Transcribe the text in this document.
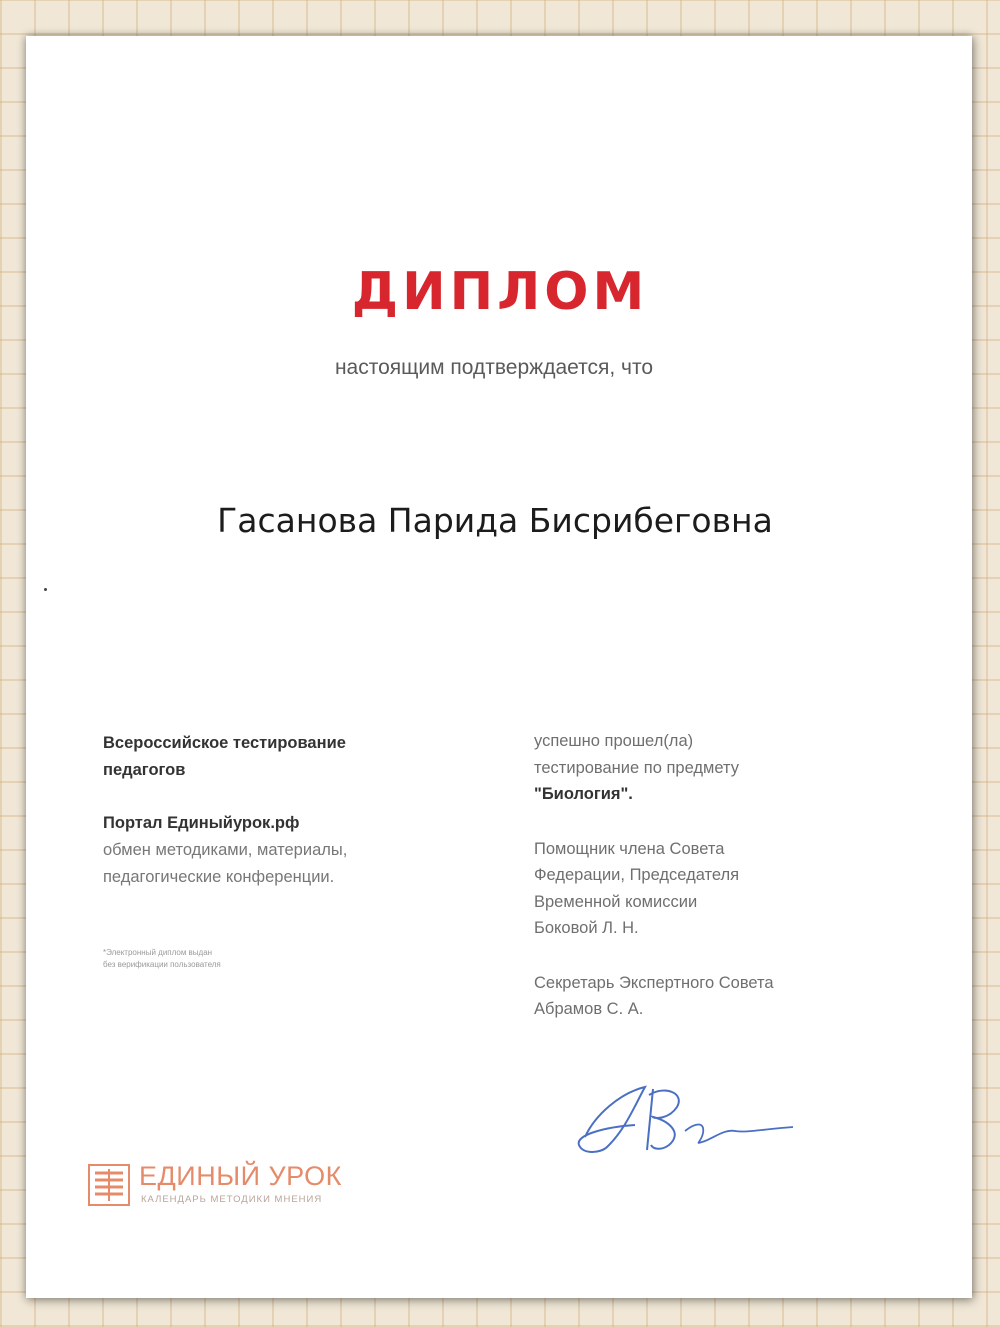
ДИПЛОМ
настоящим подтверждается, что
Гасанова Парида Бисрибеговна
Всероссийское тестирование
педагогов
Портал Единыйурок.рф
обмен методиками, материалы,
педагогические конференции.
*Электронный диплом выдан
без верификации пользователя
успешно прошел(ла)
тестирование по предмету
"Биология".
Помощник члена Совета
Федерации, Председателя
Временной комиссии
Боковой Л. Н.
Секретарь Экспертного Совета
Абрамов С. А.
ЕДИНЫЙ УРОК
КАЛЕНДАРЬ МЕТОДИКИ МНЕНИЯ
